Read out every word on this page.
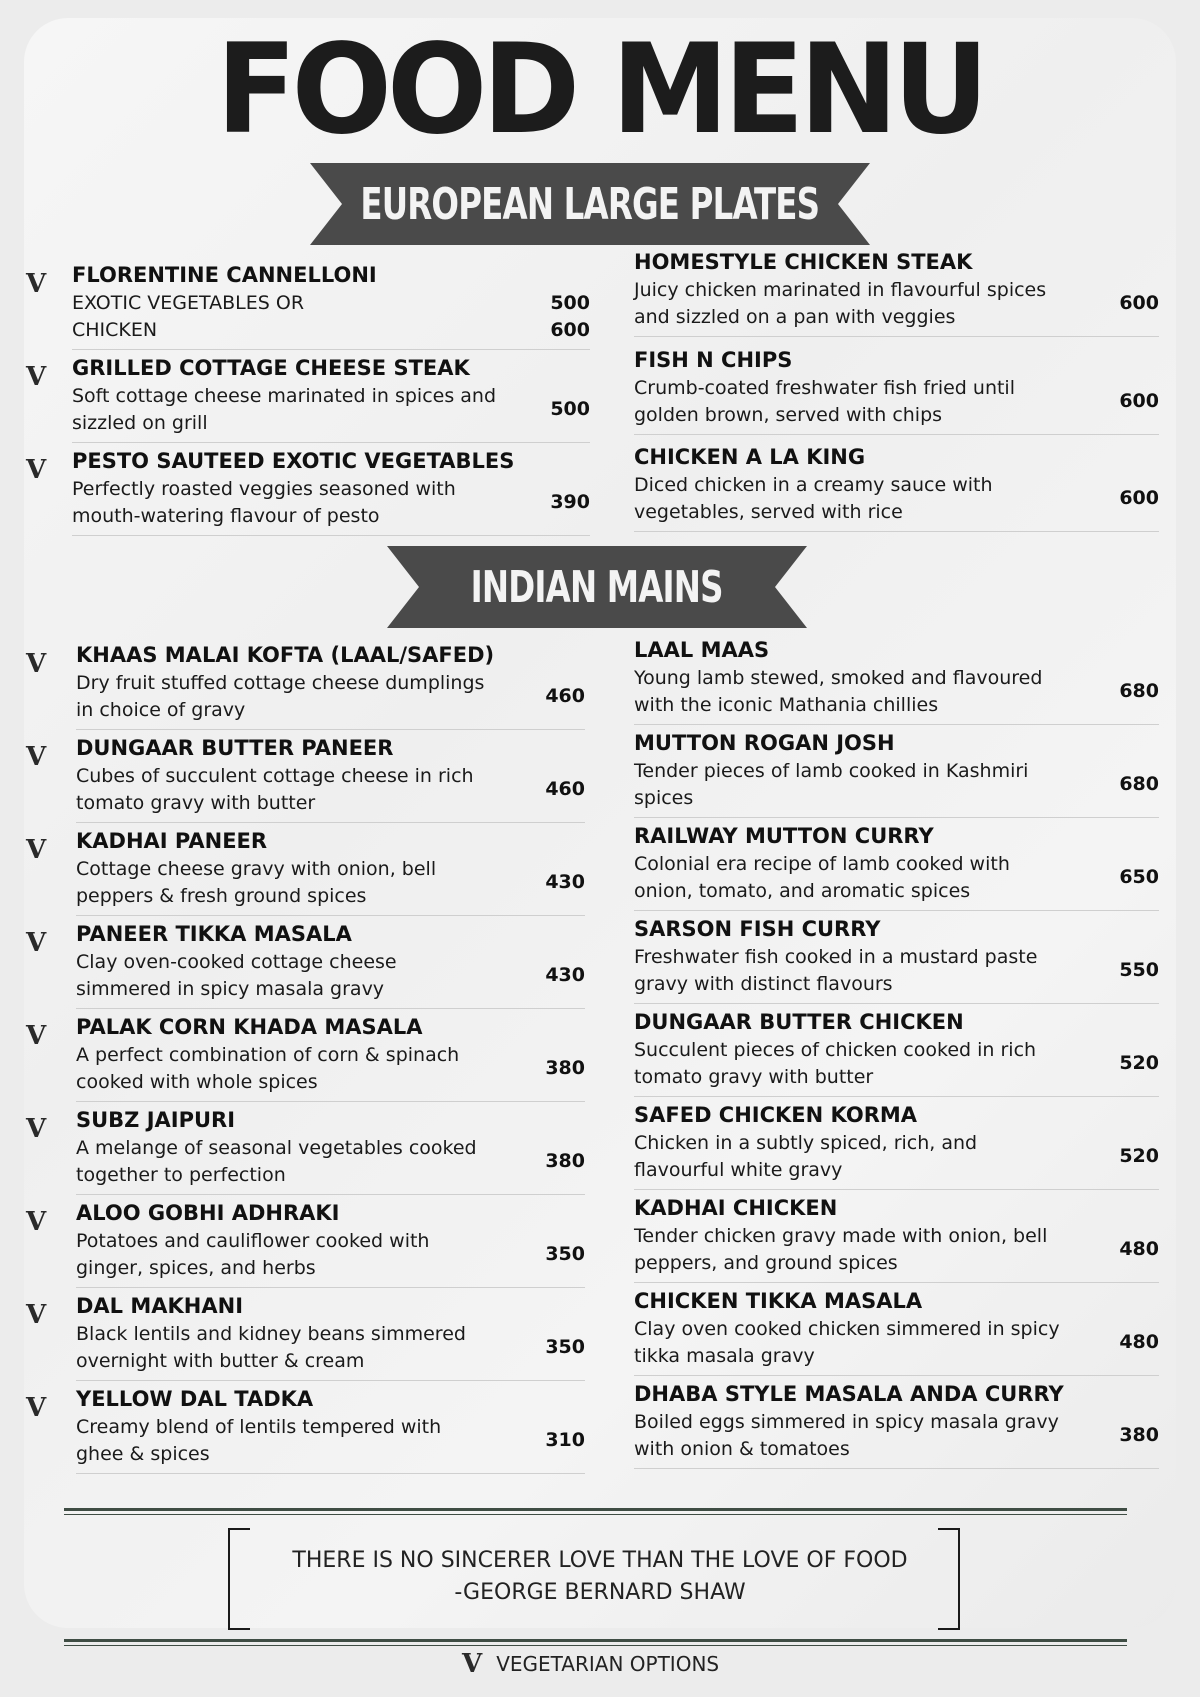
FOOD MENU
EUROPEAN LARGE PLATES
INDIAN MAINS
V FLORENTINE CANNELLONI
EXOTIC VEGETABLES OR
CHICKEN
500
600
V GRILLED COTTAGE CHEESE STEAK
Soft cottage cheese marinated in spices and
sizzled on grill
500
V PESTO SAUTEED EXOTIC VEGETABLES
Perfectly roasted veggies seasoned with
mouth-watering flavour of pesto
390
HOMESTYLE CHICKEN STEAK
Juicy chicken marinated in flavourful spices
and sizzled on a pan with veggies
600
FISH N CHIPS
Crumb-coated freshwater fish fried until
golden brown, served with chips
600
CHICKEN A LA KING
Diced chicken in a creamy sauce with
vegetables, served with rice
600
V KHAAS MALAI KOFTA (LAAL/SAFED)
Dry fruit stuffed cottage cheese dumplings
in choice of gravy
460
V DUNGAAR BUTTER PANEER
Cubes of succulent cottage cheese in rich
tomato gravy with butter
460
V KADHAI PANEER
Cottage cheese gravy with onion, bell
peppers & fresh ground spices
430
V PANEER TIKKA MASALA
Clay oven-cooked cottage cheese
simmered in spicy masala gravy
430
V PALAK CORN KHADA MASALA
A perfect combination of corn & spinach
cooked with whole spices
380
V SUBZ JAIPURI
A melange of seasonal vegetables cooked
together to perfection
380
V ALOO GOBHI ADHRAKI
Potatoes and cauliflower cooked with
ginger, spices, and herbs
350
V DAL MAKHANI
Black lentils and kidney beans simmered
overnight with butter & cream
350
V YELLOW DAL TADKA
Creamy blend of lentils tempered with
ghee & spices
310
LAAL MAAS
Young lamb stewed, smoked and flavoured
with the iconic Mathania chillies
680
MUTTON ROGAN JOSH
Tender pieces of lamb cooked in Kashmiri
spices
680
RAILWAY MUTTON CURRY
Colonial era recipe of lamb cooked with
onion, tomato, and aromatic spices
650
SARSON FISH CURRY
Freshwater fish cooked in a mustard paste
gravy with distinct flavours
550
DUNGAAR BUTTER CHICKEN
Succulent pieces of chicken cooked in rich
tomato gravy with butter
520
SAFED CHICKEN KORMA
Chicken in a subtly spiced, rich, and
flavourful white gravy
520
KADHAI CHICKEN
Tender chicken gravy made with onion, bell
peppers, and ground spices
480
CHICKEN TIKKA MASALA
Clay oven cooked chicken simmered in spicy
tikka masala gravy
480
DHABA STYLE MASALA ANDA CURRY
Boiled eggs simmered in spicy masala gravy
with onion & tomatoes
380
THERE IS NO SINCERER LOVE THAN THE LOVE OF FOOD
-GEORGE BERNARD SHAW
V VEGETARIAN OPTIONS
